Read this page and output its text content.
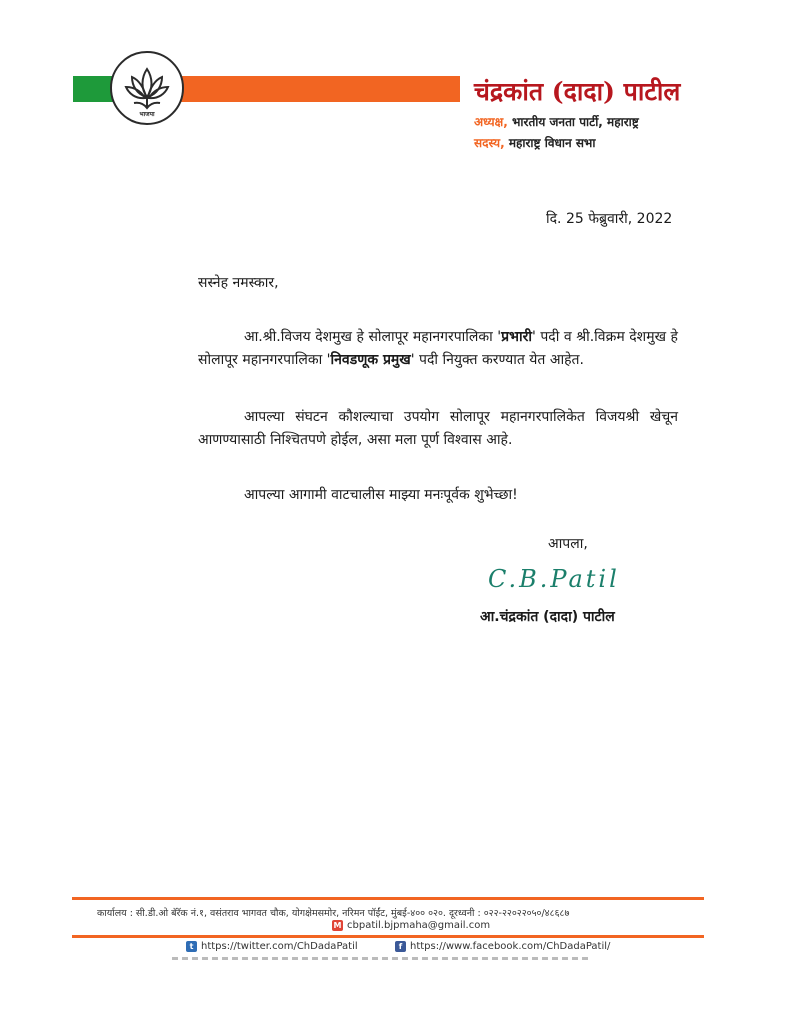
भाजपा
चंद्रकांत (दादा) पाटील
अध्यक्ष, भारतीय जनता पार्टी, महाराष्ट्र
सदस्य, महाराष्ट्र विधान सभा
दि. 25 फेब्रुवारी, 2022
सस्नेह नमस्कार,

आ.श्री.विजय देशमुख हे सोलापूर महानगरपालिका 'प्रभारी' पदी व श्री.विक्रम देशमुख हे सोलापूर महानगरपालिका 'निवडणूक प्रमुख' पदी नियुक्त करण्यात येत आहेत.

आपल्या संघटन कौशल्याचा उपयोग सोलापूर महानगरपालिकेत विजयश्री खेचून आणण्यासाठी निश्चितपणे होईल, असा मला पूर्ण विश्वास आहे.

आपल्या आगामी वाटचालीस माझ्या मनःपूर्वक शुभेच्छा!

आपला,
C.B.Patil
आ.चंद्रकांत (दादा) पाटील
कार्यालय : सी.डी.ओ बॅरॅक नं.१, वसंतराव भागवत चौक, योगक्षेमसमोर, नरिमन पॉईंट, मुंबई-४०० ०२०. दूरध्वनी : ०२२-२२०२२०५०/४८६८७
M cbpatil.bjpmaha@gmail.com
t https://twitter.com/ChDadaPatil	f https://www.facebook.com/ChDadaPatil/
